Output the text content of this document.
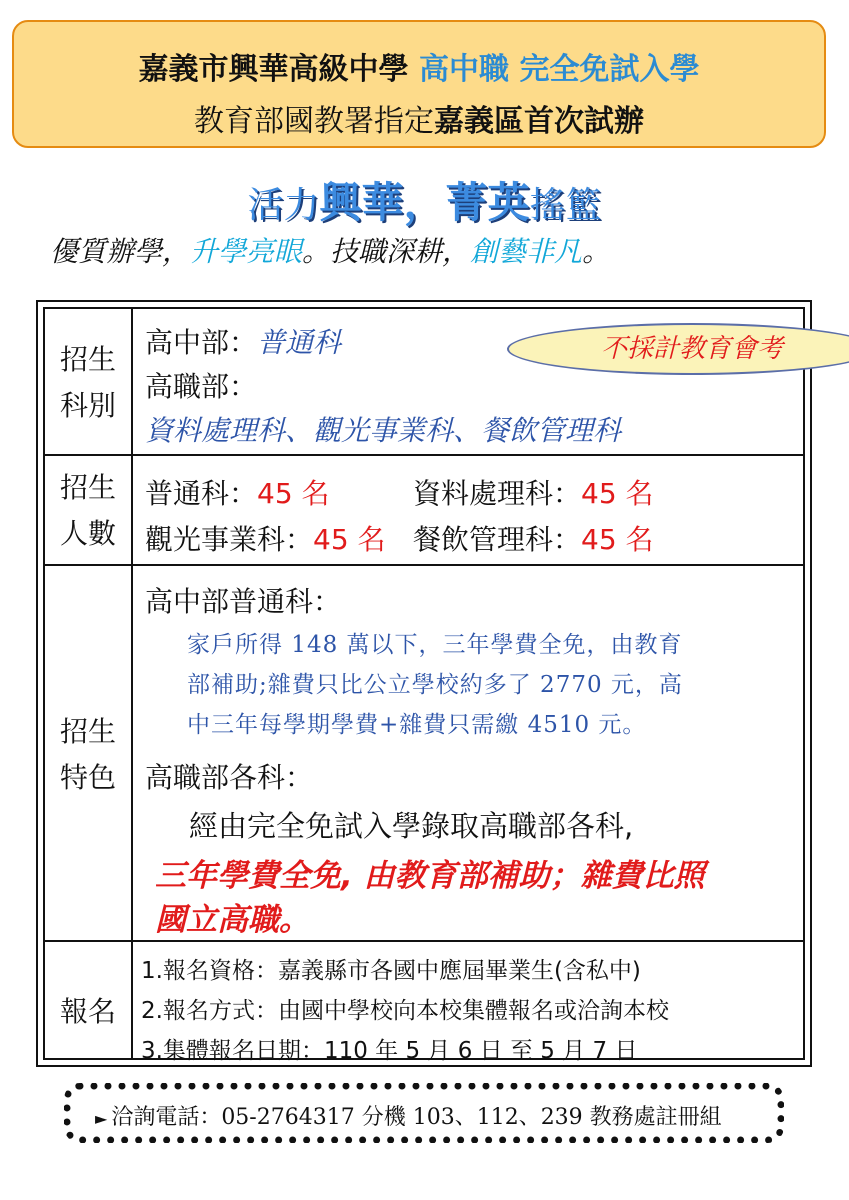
嘉義市興華高級中學 高中職 完全免試入學
教育部國教署指定嘉義區首次試辦
活力興華，菁英搖籃
優質辦學，升學亮眼。技職深耕，創藝非凡。
招生
科別
高中部：普通科
高職部：
資料處理科、觀光事業科、餐飲管理科
不採計教育會考
招生
人數
普通科：45 名	資料處理科：45 名
觀光事業科：45 名 餐飲管理科：45 名
招生
特色
高中部普通科：
家戶所得 148 萬以下，三年學費全免，由教育
部補助;雜費只比公立學校約多了 2770 元，高
中三年每學期學費+雜費只需繳 4510 元。
高職部各科：
經由完全免試入學錄取高職部各科,
三年學費全免, 由教育部補助；雜費比照
國立高職。
報名
1.報名資格：嘉義縣市各國中應屆畢業生(含私中)
2.報名方式：由國中學校向本校集體報名或洽詢本校
3.集體報名日期：110 年 5 月 6 日 至 5 月 7 日
► 洽詢電話：05-2764317 分機 103、112、239 教務處註冊組
